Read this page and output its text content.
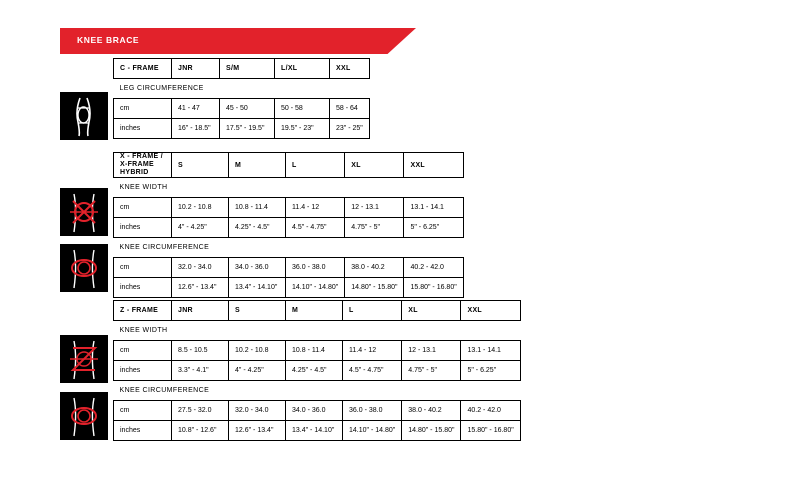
KNEE BRACE
C - FRAME	JNR	S/M	L/XL	XXL
LEG CIRCUMFERENCE				
cm	41 - 47	45 - 50	50 - 58	58 - 64
inches	16" - 18.5"	17.5" - 19.5"	19.5" - 23"	23" - 25"
X - FRAME / X-FRAME HYBRID	S	M	L	XL	XXL
KNEE WIDTH					
cm	10.2 - 10.8	10.8 - 11.4	11.4 - 12	12 - 13.1	13.1 - 14.1
inches	4" - 4.25"	4.25" - 4.5"	4.5" - 4.75"	4.75" - 5"	5" - 6.25"
KNEE CIRCUMFERENCE					
cm	32.0 - 34.0	34.0 - 36.0	36.0 - 38.0	38.0 - 40.2	40.2 - 42.0
inches	12.6" - 13.4"	13.4" - 14.10"	14.10" - 14.80"	14.80" - 15.80"	15.80" - 16.80"
Z - FRAME	JNR	S	M	L	XL	XXL
KNEE WIDTH						
cm	8.5 - 10.5	10.2 - 10.8	10.8 - 11.4	11.4 - 12	12 - 13.1	13.1 - 14.1
inches	3.3" - 4.1"	4" - 4.25"	4.25" - 4.5"	4.5" - 4.75"	4.75" - 5"	5" - 6.25"
KNEE CIRCUMFERENCE						
cm	27.5 - 32.0	32.0 - 34.0	34.0 - 36.0	36.0 - 38.0	38.0 - 40.2	40.2 - 42.0
inches	10.8" - 12.6"	12.6" - 13.4"	13.4" - 14.10"	14.10" - 14.80"	14.80" - 15.80"	15.80" - 16.80"
